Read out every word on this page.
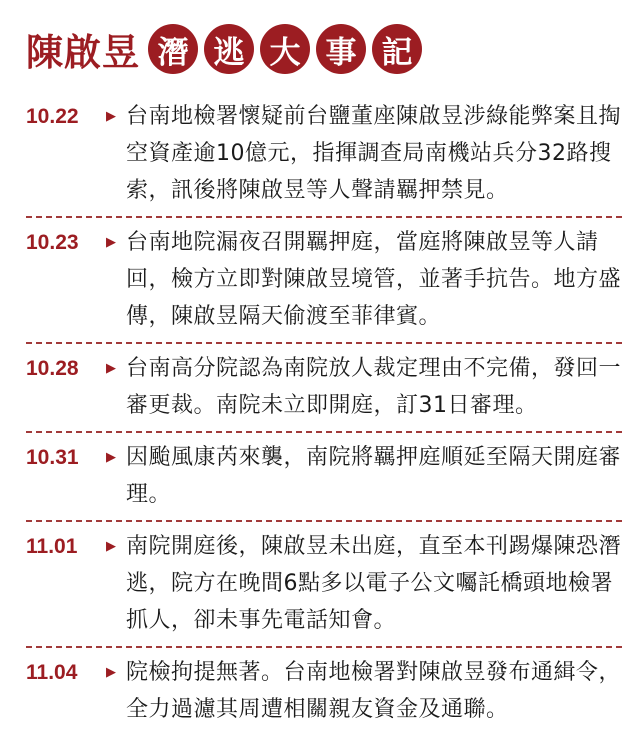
陳啟昱 潛 逃 大 事 記
10.22	▶ 台南地檢署懷疑前台鹽董座陳啟昱涉綠能弊案且掏空資產逾10億元，指揮調查局南機站兵分32路搜索，訊後將陳啟昱等人聲請羈押禁見。
10.23	▶ 台南地院漏夜召開羈押庭，當庭將陳啟昱等人請回，檢方立即對陳啟昱境管，並著手抗告。地方盛傳，陳啟昱隔天偷渡至菲律賓。
10.28	▶ 台南高分院認為南院放人裁定理由不完備，發回一審更裁。南院未立即開庭，訂31日審理。
10.31	▶ 因颱風康芮來襲，南院將羈押庭順延至隔天開庭審理。
11.01	▶ 南院開庭後，陳啟昱未出庭，直至本刊踢爆陳恐潛逃，院方在晚間6點多以電子公文囑託橋頭地檢署抓人，卻未事先電話知會。
11.04	▶ 院檢拘提無著。台南地檢署對陳啟昱發布通緝令，全力過濾其周遭相關親友資金及通聯。
